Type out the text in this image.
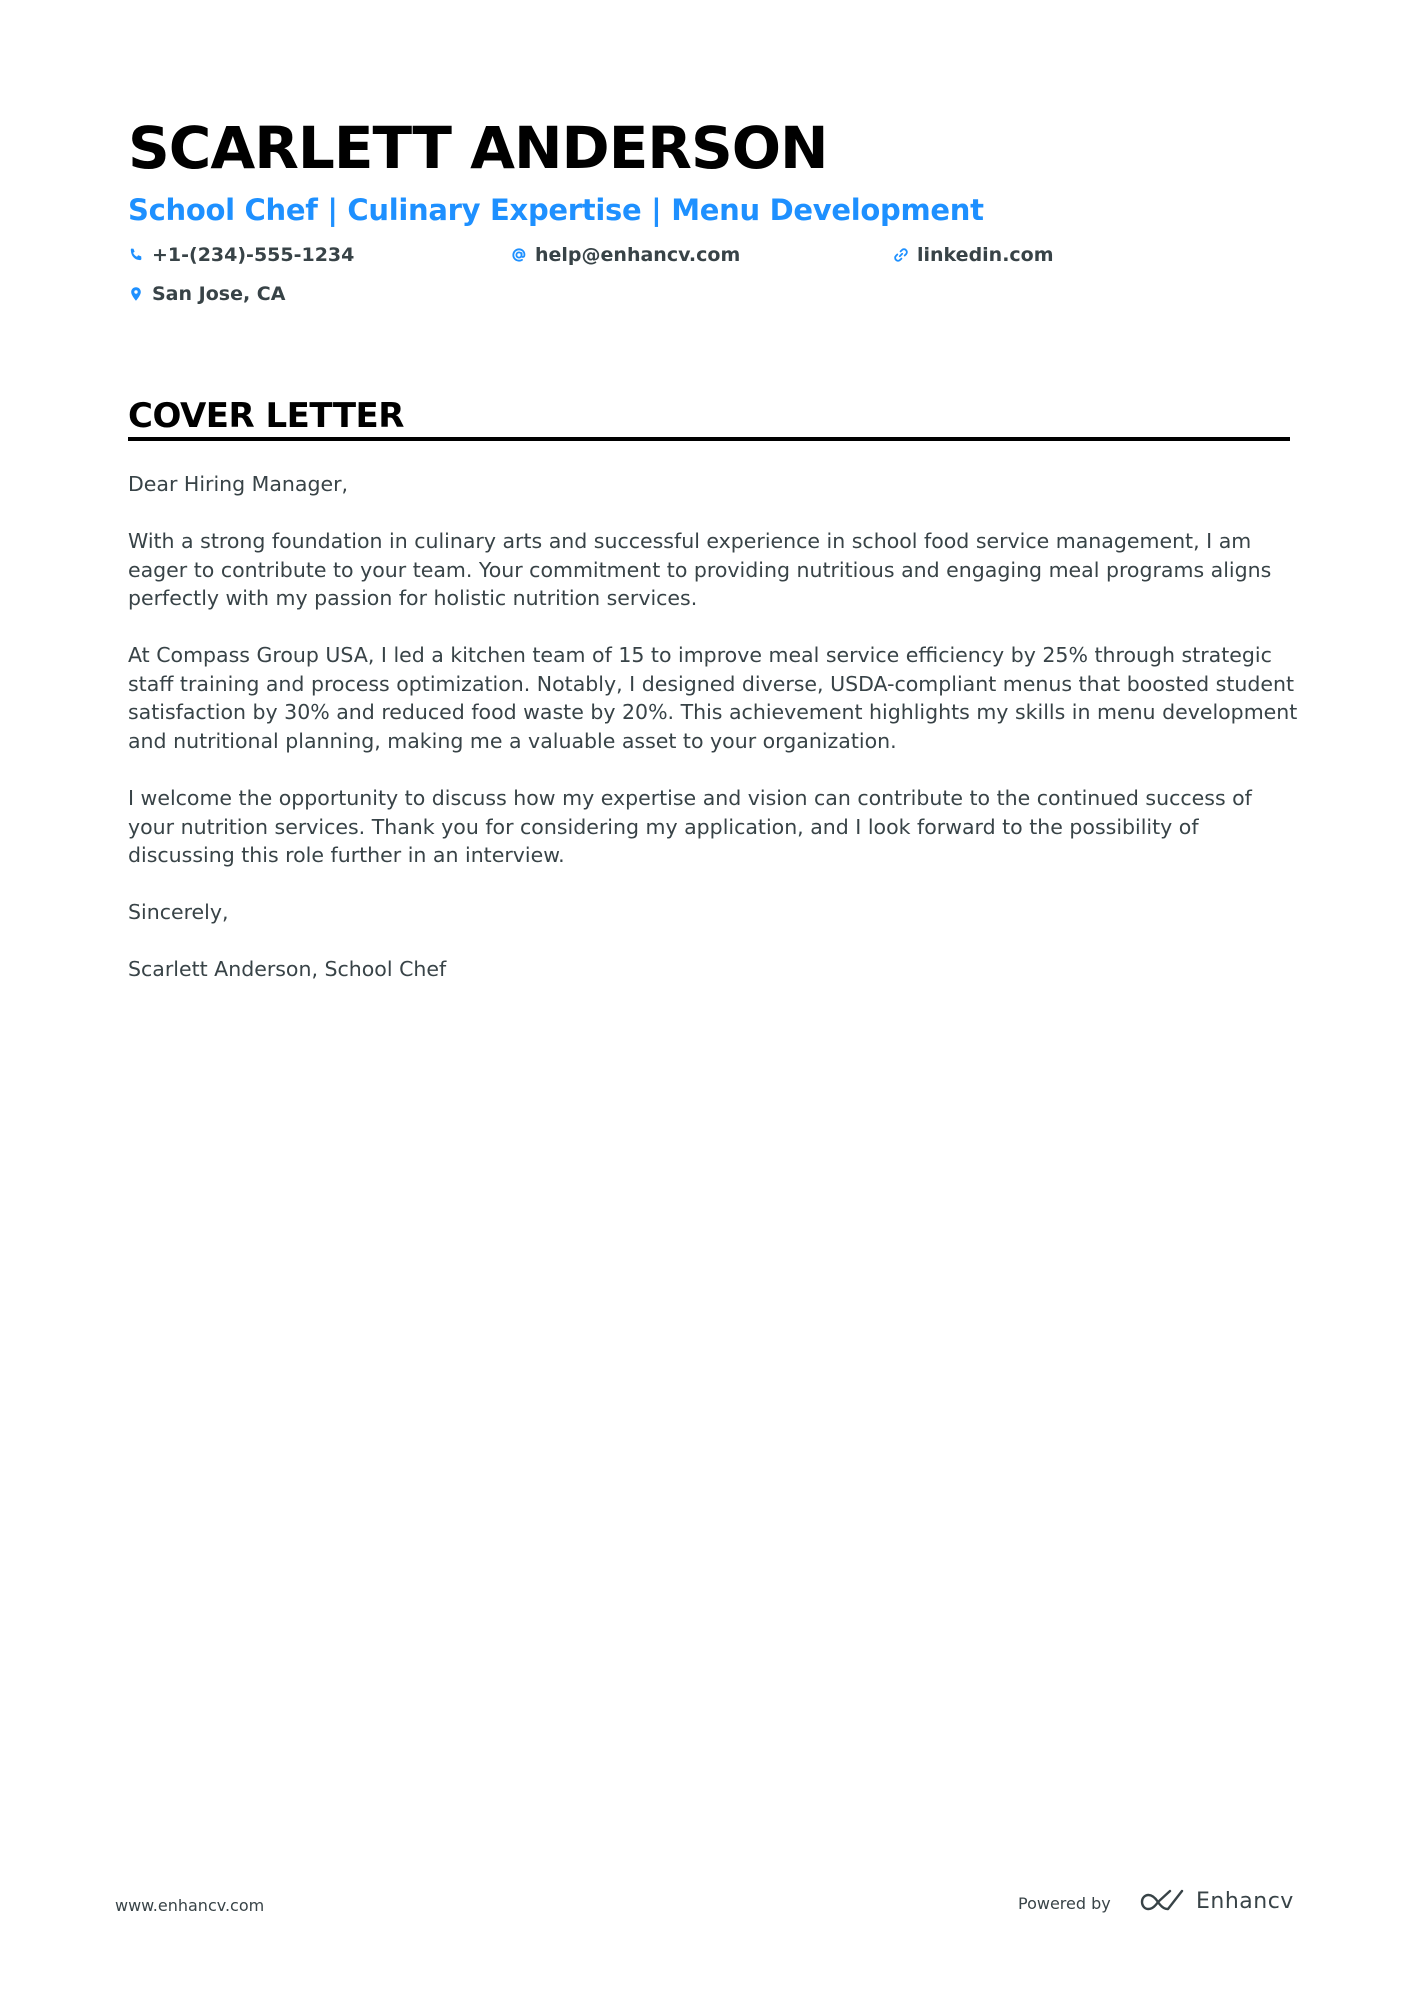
SCARLETT ANDERSON
School Chef | Culinary Expertise | Menu Development
+1-(234)-555-1234	help@enhancv.com	linkedin.com
San Jose, CA
COVER LETTER

Dear Hiring Manager,

With a strong foundation in culinary arts and successful experience in school food service management, I am eager to contribute to your team. Your commitment to providing nutritious and engaging meal programs aligns perfectly with my passion for holistic nutrition services.

At Compass Group USA, I led a kitchen team of 15 to improve meal service efficiency by 25% through strategic staff training and process optimization. Notably, I designed diverse, USDA-compliant menus that boosted student satisfaction by 30% and reduced food waste by 20%. This achievement highlights my skills in menu development and nutritional planning, making me a valuable asset to your organization.

I welcome the opportunity to discuss how my expertise and vision can contribute to the continued success of your nutrition services. Thank you for considering my application, and I look forward to the possibility of discussing this role further in an interview.

Sincerely,

Scarlett Anderson, School Chef

www.enhancv.com	Powered by	Enhancv
